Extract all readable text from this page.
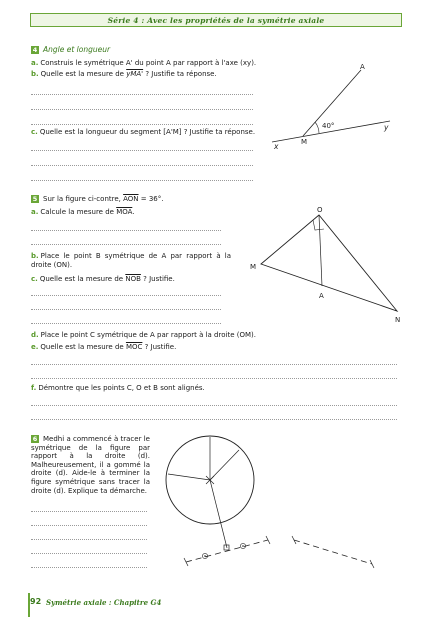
Série 4 : Avec les propriétés de la symétrie axiale
4 Angle et longueur
a. Construis le symétrique A' du point A par rapport à l'axe (xy).
b. Quelle est la mesure de yMA' ? Justifie ta réponse.
c. Quelle est la longueur du segment [A'M] ? Justifie ta réponse.
40°
A
M
x
y
5 Sur la figure ci-contre, $\overline{AON} = 36^\circ$.
a. Calcule la mesure de $\overline{MOA}$.
b. Place le point B symétrique de A par rapport à la droite (ON).
c. Quelle est la mesure de $\overline{NOB}$ ? Justifie.
O
M
A
N
d. Place le point C symétrique de A par rapport à la droite (OM).
e. Quelle est la mesure de $\overline{MOC}$ ? Justifie.
f. Démontre que les points C, O et B sont alignés.
6 Medhi a commencé à tracer le symétrique de la figure par rapport à la droite (d). Malheureusement, il a gommé la droite (d). Aide-le à terminer la figure symétrique sans tracer la droite (d). Explique ta démarche.
92 Symétrie axiale : Chapitre G4
